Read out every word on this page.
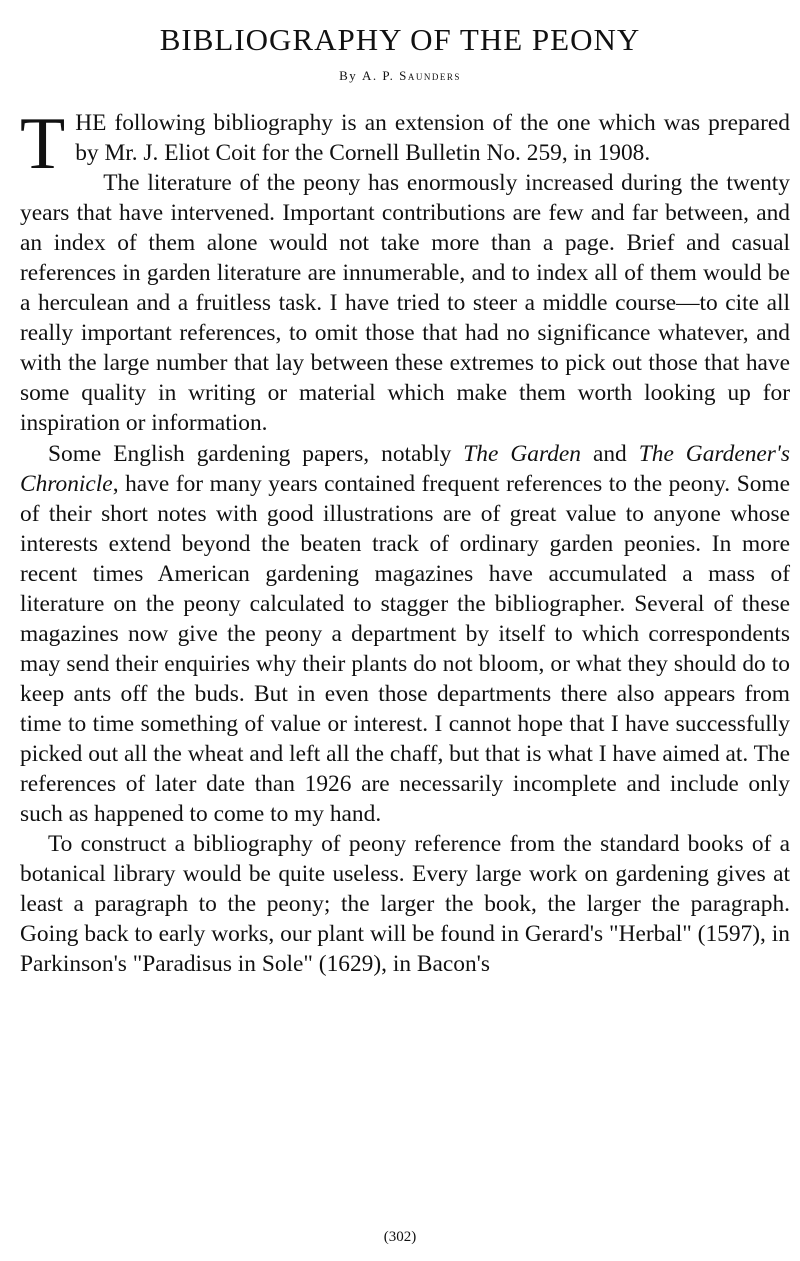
BIBLIOGRAPHY OF THE PEONY
By A. P. Saunders

THE following bibliography is an extension of the one which was prepared by Mr. J. Eliot Coit for the Cornell Bulletin No. 259, in 1908.

The literature of the peony has enormously increased during the twenty years that have intervened. Important contributions are few and far between, and an index of them alone would not take more than a page. Brief and casual references in garden literature are innumerable, and to index all of them would be a herculean and a fruitless task. I have tried to steer a middle course—to cite all really important references, to omit those that had no significance whatever, and with the large number that lay between these extremes to pick out those that have some quality in writing or material which make them worth looking up for inspiration or information.

Some English gardening papers, notably The Garden and The Gardener's Chronicle, have for many years contained frequent references to the peony. Some of their short notes with good illustrations are of great value to anyone whose interests extend beyond the beaten track of ordinary garden peonies. In more recent times American gardening magazines have accumulated a mass of literature on the peony calculated to stagger the bibliographer. Several of these magazines now give the peony a department by itself to which correspondents may send their enquiries why their plants do not bloom, or what they should do to keep ants off the buds. But in even those departments there also appears from time to time something of value or interest. I cannot hope that I have successfully picked out all the wheat and left all the chaff, but that is what I have aimed at. The references of later date than 1926 are necessarily incomplete and include only such as happened to come to my hand.

To construct a bibliography of peony reference from the standard books of a botanical library would be quite useless. Every large work on gardening gives at least a paragraph to the peony; the larger the book, the larger the paragraph. Going back to early works, our plant will be found in Gerard's "Herbal" (1597), in Parkinson's "Paradisus in Sole" (1629), in Bacon's

(302)
